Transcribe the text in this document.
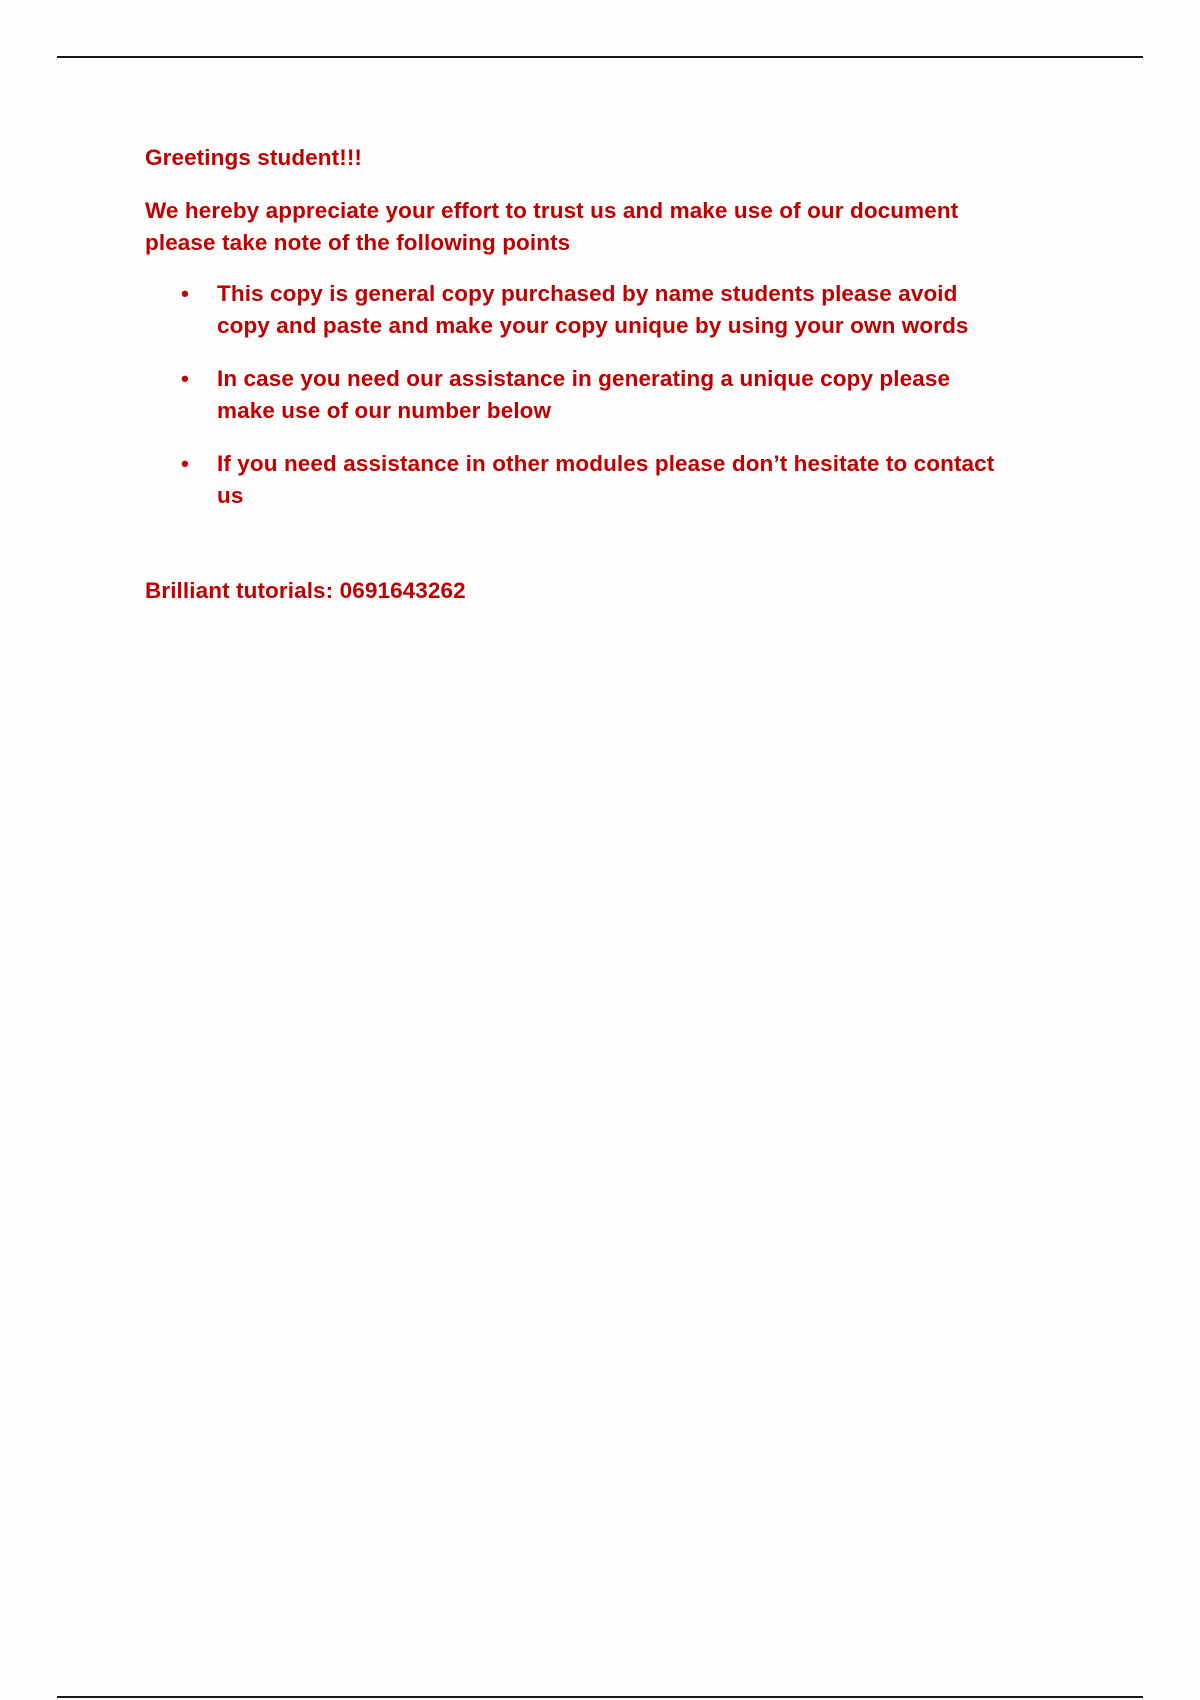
Greetings student!!!

We hereby appreciate your effort to trust us and make use of our document
please take note of the following points

• This copy is general copy purchased by name students please avoid
copy and paste and make your copy unique by using your own words
• In case you need our assistance in generating a unique copy please
make use of our number below
• If you need assistance in other modules please don’t hesitate to contact
us

Brilliant tutorials: 0691643262
